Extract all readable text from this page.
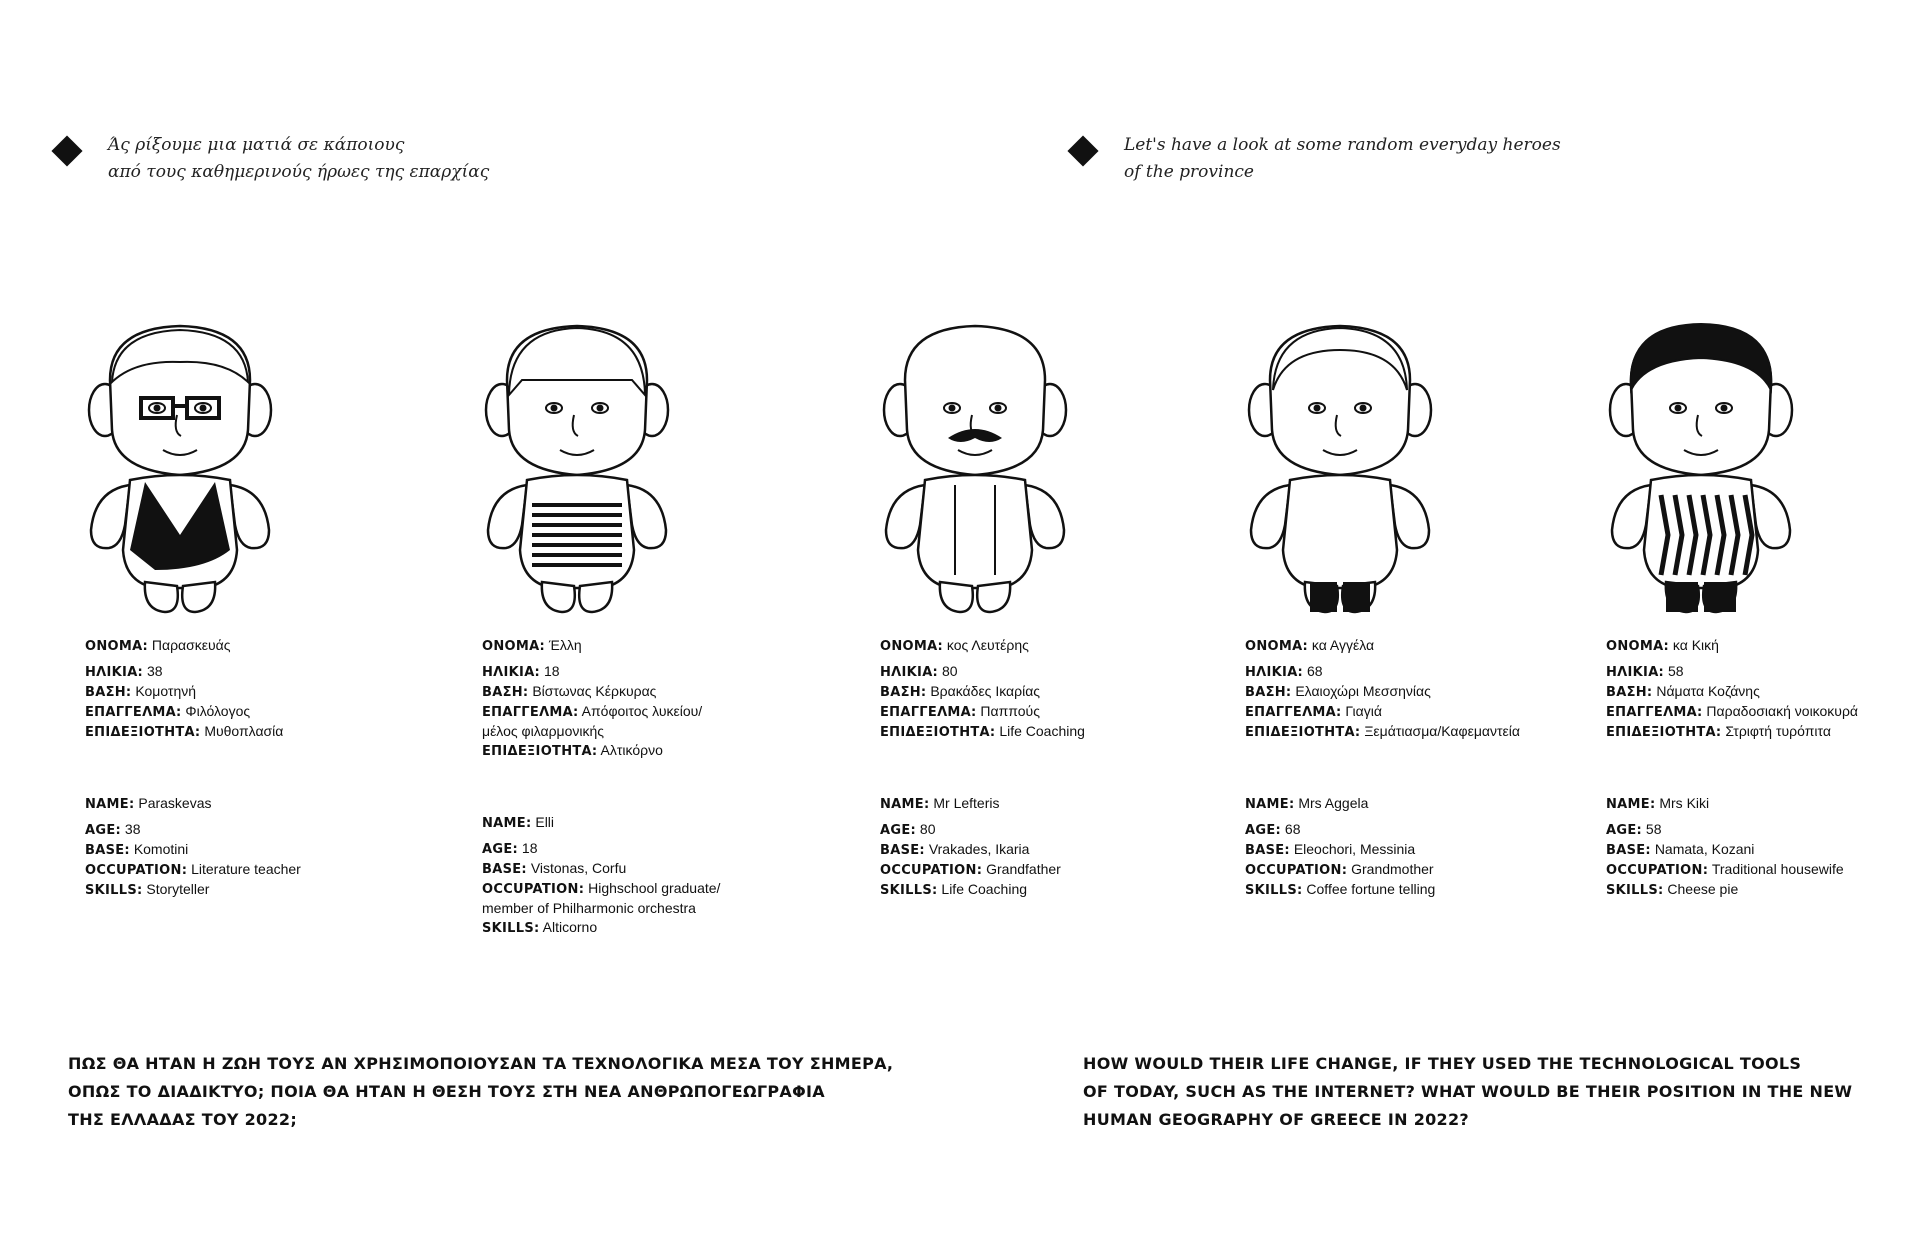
Άς ρίξουμε μια ματιά σε κάποιους
από τους καθημερινούς ήρωες της επαρχίας
Let's have a look at some random everyday heroes
of the province
ΟΝΟΜΑ: Παρασκευάς
ΗΛΙΚΙΑ: 38
ΒΑΣΗ: Κομοτηνή
ΕΠΑΓΓΕΛΜΑ: Φιλόλογος
ΕΠΙΔΕΞΙΟΤΗΤΑ: Μυθοπλασία
NAME: Paraskevas
AGE: 38
BASE: Komotini
OCCUPATION: Literature teacher
SKILLS: Storyteller
ΟΝΟΜΑ: Έλλη
ΗΛΙΚΙΑ: 18
ΒΑΣΗ: Βίστωνας Κέρκυρας
ΕΠΑΓΓΕΛΜΑ: Απόφοιτος λυκείου/
μέλος φιλαρμονικής
ΕΠΙΔΕΞΙΟΤΗΤΑ: Αλτικόρνο
NAME: Elli
AGE: 18
BASE: Vistonas, Corfu
OCCUPATION: Highschool graduate/
member of Philharmonic orchestra
SKILLS: Alticorno
ΟΝΟΜΑ: κος Λευτέρης
ΗΛΙΚΙΑ: 80
ΒΑΣΗ: Βρακάδες Ικαρίας
ΕΠΑΓΓΕΛΜΑ: Παππούς
ΕΠΙΔΕΞΙΟΤΗΤΑ: Life Coaching
NAME: Mr Lefteris
AGE: 80
BASE: Vrakades, Ikaria
OCCUPATION: Grandfather
SKILLS: Life Coaching
ΟΝΟΜΑ: κα Αγγέλα
ΗΛΙΚΙΑ: 68
ΒΑΣΗ: Ελαιοχώρι Μεσσηνίας
ΕΠΑΓΓΕΛΜΑ: Γιαγιά
ΕΠΙΔΕΞΙΟΤΗΤΑ: Ξεμάτιασμα/Καφεμαντεία
NAME: Mrs Aggela
AGE: 68
BASE: Eleochori, Messinia
OCCUPATION: Grandmother
SKILLS: Coffee fortune telling
ΟΝΟΜΑ: κα Κική
ΗΛΙΚΙΑ: 58
ΒΑΣΗ: Νάματα Κοζάνης
ΕΠΑΓΓΕΛΜΑ: Παραδοσιακή νοικοκυρά
ΕΠΙΔΕΞΙΟΤΗΤΑ: Στριφτή τυρόπιτα
NAME: Mrs Kiki
AGE: 58
BASE: Namata, Kozani
OCCUPATION: Traditional housewife
SKILLS: Cheese pie
ΠΩΣ ΘΑ ΗΤΑΝ Η ΖΩΗ ΤΟΥΣ ΑΝ ΧΡΗΣΙΜΟΠΟΙΟΥΣΑΝ ΤΑ ΤΕΧΝΟΛΟΓΙΚΑ ΜΕΣΑ ΤΟΥ ΣΗΜΕΡΑ,
ΟΠΩΣ ΤΟ ΔΙΑΔΙΚΤΥΟ; ΠΟΙΑ ΘΑ ΗΤΑΝ Η ΘΕΣΗ ΤΟΥΣ ΣΤΗ ΝΕΑ ΑΝΘΡΩΠΟΓΕΩΓΡΑΦΙΑ
ΤΗΣ ΕΛΛΑΔΑΣ ΤΟΥ 2022;
HOW WOULD THEIR LIFE CHANGE, IF THEY USED THE TECHNOLOGICAL TOOLS
OF TODAY, SUCH AS THE INTERNET? WHAT WOULD BE THEIR POSITION IN THE NEW
HUMAN GEOGRAPHY OF GREECE IN 2022?
